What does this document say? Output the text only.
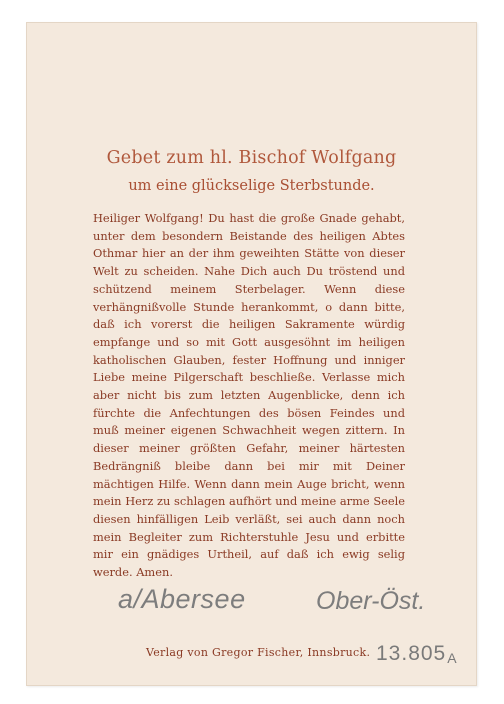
Gebet zum hl. Bischof Wolfgang

um eine glückselige Sterbstunde.

Heiliger Wolfgang! Du hast die große Gnade gehabt, unter dem besondern Beistande des heiligen Abtes Othmar hier an der ihm geweihten Stätte von dieser Welt zu scheiden. Nahe Dich auch Du tröstend und schützend meinem Sterbelager. Wenn diese verhängnißvolle Stunde herankommt, o dann bitte, daß ich vorerst die heiligen Sakramente würdig empfange und so mit Gott ausgesöhnt im heiligen katholischen Glauben, fester Hoffnung und inniger Liebe meine Pilgerschaft beschließe. Verlasse mich aber nicht bis zum letzten Augenblicke, denn ich fürchte die Anfechtungen des bösen Feindes und muß meiner eigenen Schwachheit wegen zittern. In dieser meiner größten Gefahr, meiner härtesten Bedrängniß bleibe dann bei mir mit Deiner mächtigen Hilfe. Wenn dann mein Auge bricht, wenn mein Herz zu schlagen aufhört und meine arme Seele diesen hinfälligen Leib verläßt, sei auch dann noch mein Begleiter zum Richterstuhle Jesu und erbitte mir ein gnädiges Urtheil, auf daß ich ewig selig werde. Amen.

a/Abersee	Ober-Öst.
Verlag von Gregor Fischer, Innsbruck. 13.805A
